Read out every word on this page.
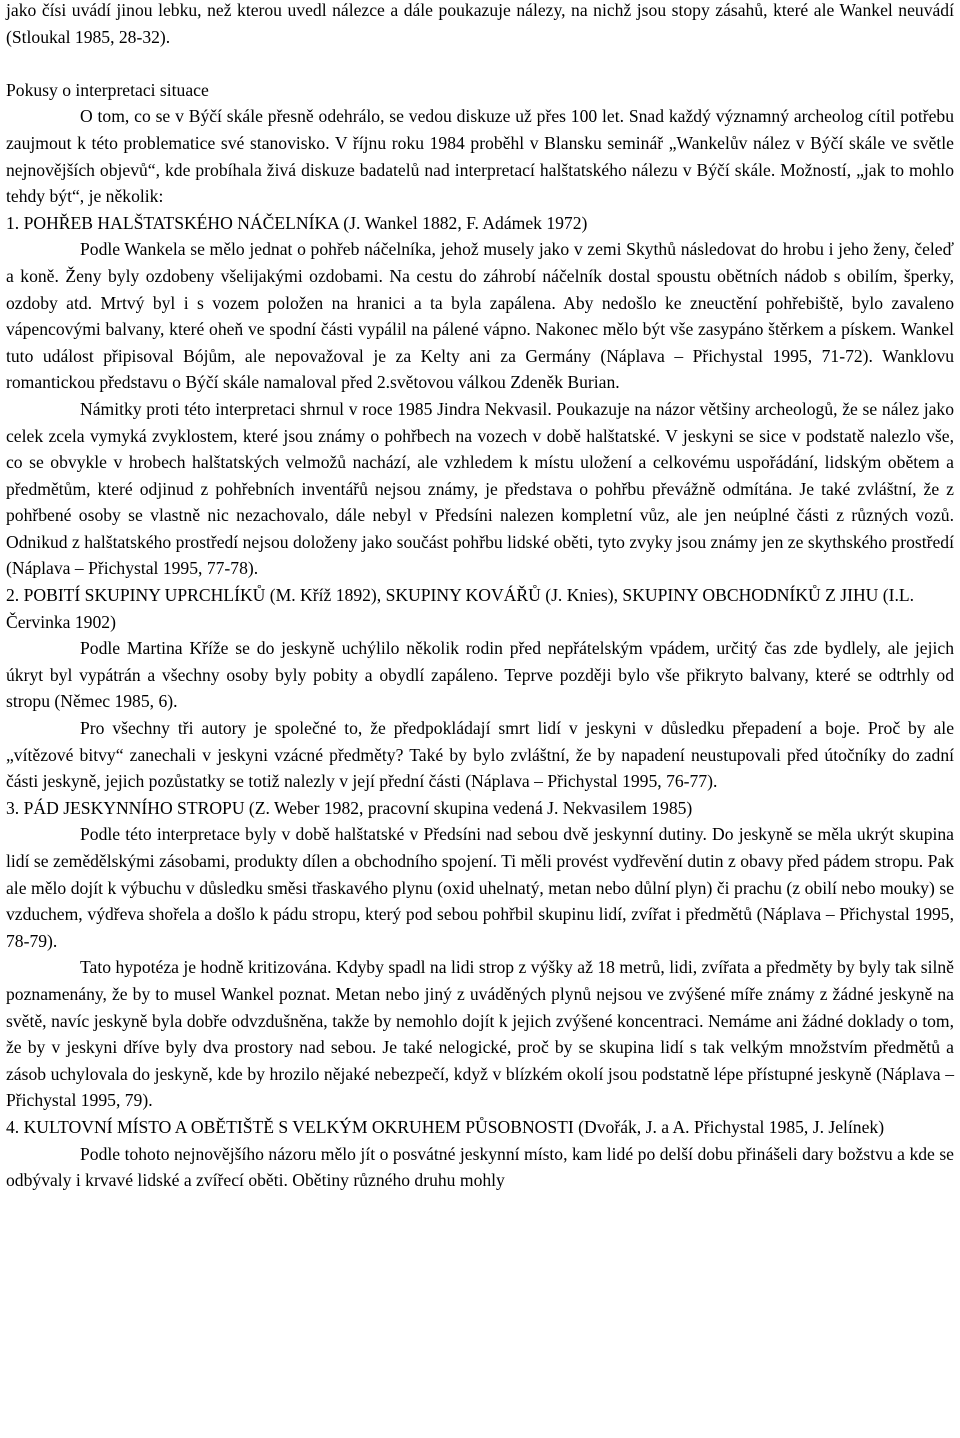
jako čísi uvádí jinou lebku, než kterou uvedl nálezce a dále poukazuje nálezy, na nichž jsou stopy zásahů, které ale Wankel neuvádí (Stloukal 1985, 28-32).

Pokusy o interpretaci situace

O tom, co se v Býčí skále přesně odehrálo, se vedou diskuze už přes 100 let. Snad každý významný archeolog cítil potřebu zaujmout k této problematice své stanovisko. V říjnu roku 1984 proběhl v Blansku seminář „Wankelův nález v Býčí skále ve světle nejnovějších objevů“, kde probíhala živá diskuze badatelů nad interpretací halštatského nálezu v Býčí skále. Možností, „jak to mohlo tehdy být“, je několik:

1. POHŘEB HALŠTATSKÉHO NÁČELNÍKA (J. Wankel 1882, F. Adámek 1972)

Podle Wankela se mělo jednat o pohřeb náčelníka, jehož musely jako v zemi Skythů následovat do hrobu i jeho ženy, čeleď a koně. Ženy byly ozdobeny všelijakými ozdobami. Na cestu do záhrobí náčelník dostal spoustu obětních nádob s obilím, šperky, ozdoby atd. Mrtvý byl i s vozem položen na hranici a ta byla zapálena. Aby nedošlo ke zneuctění pohřebiště, bylo zavaleno vápencovými balvany, které oheň ve spodní části vypálil na pálené vápno. Nakonec mělo být vše zasypáno štěrkem a pískem. Wankel tuto událost připisoval Bójům, ale nepovažoval je za Kelty ani za Germány (Náplava – Přichystal 1995, 71-72). Wanklovu romantickou představu o Býčí skále namaloval před 2.světovou válkou Zdeněk Burian.

Námitky proti této interpretaci shrnul v roce 1985 Jindra Nekvasil. Poukazuje na názor většiny archeologů, že se nález jako celek zcela vymyká zvyklostem, které jsou známy o pohřbech na vozech v době halštatské. V jeskyni se sice v podstatě nalezlo vše, co se obvykle v hrobech halštatských velmožů nachází, ale vzhledem k místu uložení a celkovému uspořádání, lidským obětem a předmětům, které odjinud z pohřebních inventářů nejsou známy, je představa o pohřbu převážně odmítána. Je také zvláštní, že z pohřbené osoby se vlastně nic nezachovalo, dále nebyl v Předsíni nalezen kompletní vůz, ale jen neúplné části z různých vozů. Odnikud z halštatského prostředí nejsou doloženy jako součást pohřbu lidské oběti, tyto zvyky jsou známy jen ze skythského prostředí (Náplava – Přichystal 1995, 77-78).

2. POBITÍ SKUPINY UPRCHLÍKŮ (M. Kříž 1892), SKUPINY KOVÁŘŮ (J. Knies), SKUPINY OBCHODNÍKŮ Z JIHU (I.L. Červinka 1902)

Podle Martina Kříže se do jeskyně uchýlilo několik rodin před nepřátelským vpádem, určitý čas zde bydlely, ale jejich úkryt byl vypátrán a všechny osoby byly pobity a obydlí zapáleno. Teprve později bylo vše přikryto balvany, které se odtrhly od stropu (Němec 1985, 6).

Pro všechny tři autory je společné to, že předpokládají smrt lidí v jeskyni v důsledku přepadení a boje. Proč by ale „vítězové bitvy“ zanechali v jeskyni vzácné předměty? Také by bylo zvláštní, že by napadení neustupovali před útočníky do zadní části jeskyně, jejich pozůstatky se totiž nalezly v její přední části (Náplava – Přichystal 1995, 76-77).

3. PÁD JESKYNNÍHO STROPU (Z. Weber 1982, pracovní skupina vedená J. Nekvasilem 1985)

Podle této interpretace byly v době halštatské v Předsíni nad sebou dvě jeskynní dutiny. Do jeskyně se měla ukrýt skupina lidí se zemědělskými zásobami, produkty dílen a obchodního spojení. Ti měli provést vydřevění dutin z obavy před pádem stropu. Pak ale mělo dojít k výbuchu v důsledku směsi třaskavého plynu (oxid uhelnatý, metan nebo důlní plyn) či prachu (z obilí nebo mouky) se vzduchem, výdřeva shořela a došlo k pádu stropu, který pod sebou pohřbil skupinu lidí, zvířat i předmětů (Náplava – Přichystal 1995, 78-79).

Tato hypotéza je hodně kritizována. Kdyby spadl na lidi strop z výšky až 18 metrů, lidi, zvířata a předměty by byly tak silně poznamenány, že by to musel Wankel poznat. Metan nebo jiný z uváděných plynů nejsou ve zvýšené míře známy z žádné jeskyně na světě, navíc jeskyně byla dobře odvzdušněna, takže by nemohlo dojít k jejich zvýšené koncentraci. Nemáme ani žádné doklady o tom, že by v jeskyni dříve byly dva prostory nad sebou. Je také nelogické, proč by se skupina lidí s tak velkým množstvím předmětů a zásob uchylovala do jeskyně, kde by hrozilo nějaké nebezpečí, když v blízkém okolí jsou podstatně lépe přístupné jeskyně (Náplava – Přichystal 1995, 79).

4. KULTOVNÍ MÍSTO A OBĚTIŠTĚ S VELKÝM OKRUHEM PŮSOBNOSTI (Dvořák, J. a A. Přichystal 1985, J. Jelínek)

Podle tohoto nejnovějšího názoru mělo jít o posvátné jeskynní místo, kam lidé po delší dobu přinášeli dary božstvu a kde se odbývaly i krvavé lidské a zvířecí oběti. Obětiny různého druhu mohly
